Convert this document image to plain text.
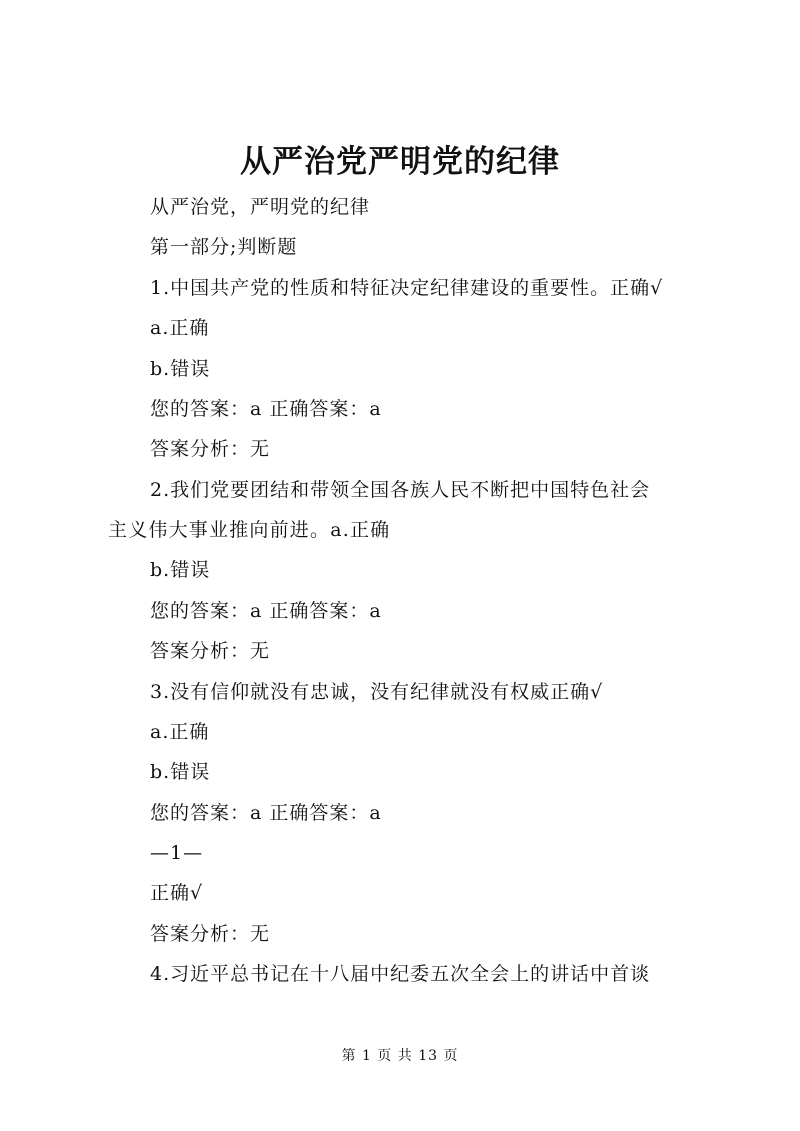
从严治党严明党的纪律
从严治党，严明党的纪律
第一部分;判断题
1.中国共产党的性质和特征决定纪律建设的重要性。正确√
a.正确
b.错误
您的答案：a 正确答案：a
答案分析：无
2.我们党要团结和带领全国各族人民不断把中国特色社会
主义伟大事业推向前进。a.正确
b.错误
您的答案：a 正确答案：a
答案分析：无
3.没有信仰就没有忠诚，没有纪律就没有权威正确√
a.正确
b.错误
您的答案：a 正确答案：a
—1—
正确√
答案分析：无
4.习近平总书记在十八届中纪委五次全会上的讲话中首谈
第 1 页 共 13 页
